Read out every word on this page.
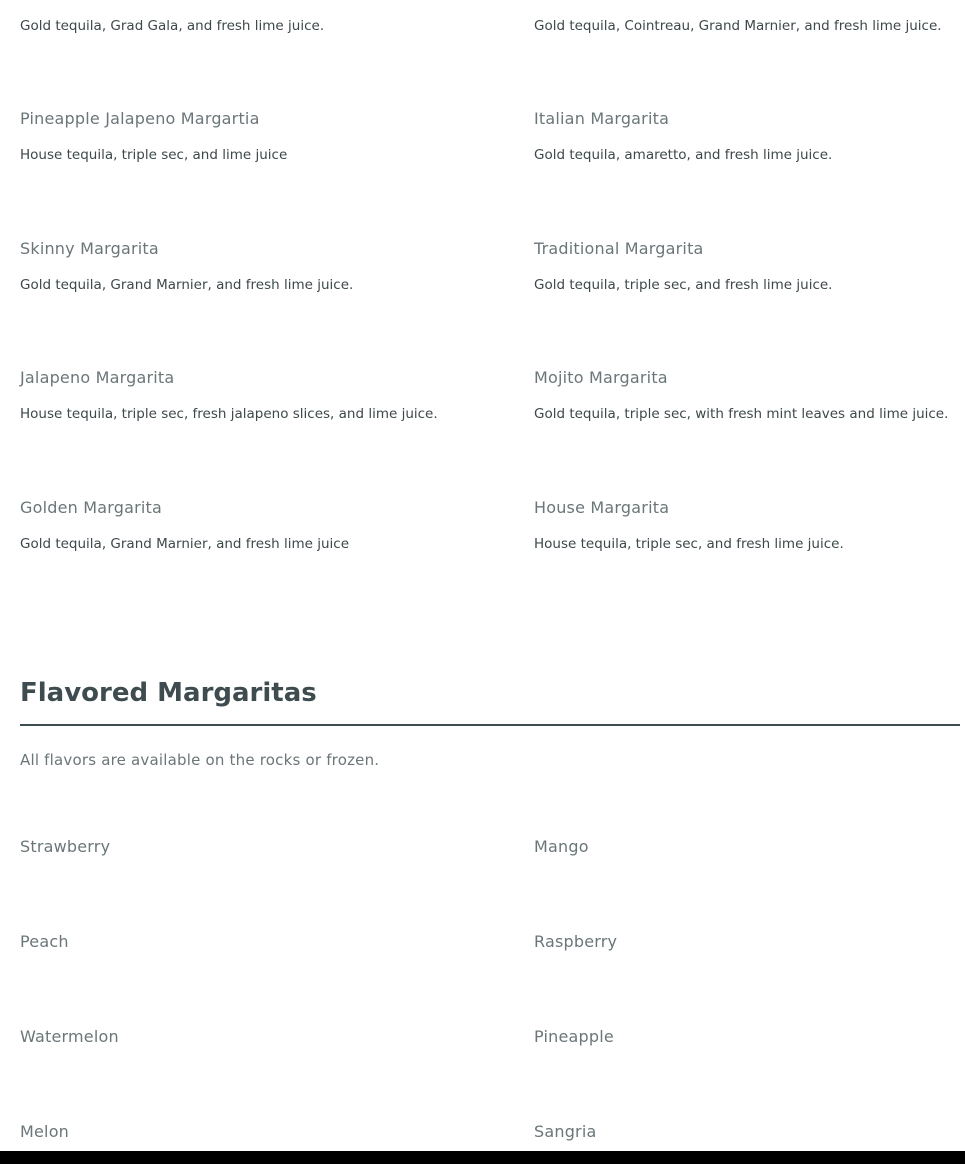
Gold tequila, Grad Gala, and fresh lime juice.	Gold tequila, Cointreau, Grand Marnier, and fresh lime juice.
Pineapple Jalapeno Margartia
House tequila, triple sec, and lime juice
Italian Margarita
Gold tequila, amaretto, and fresh lime juice.
Skinny Margarita
Gold tequila, Grand Marnier, and fresh lime juice.
Traditional Margarita
Gold tequila, triple sec, and fresh lime juice.
Jalapeno Margarita
House tequila, triple sec, fresh jalapeno slices, and lime juice.
Mojito Margarita
Gold tequila, triple sec, with fresh mint leaves and lime juice.
Golden Margarita
Gold tequila, Grand Marnier, and fresh lime juice
House Margarita
House tequila, triple sec, and fresh lime juice.
Flavored Margaritas
All flavors are available on the rocks or frozen.
Strawberry	Mango
Peach	Raspberry
Watermelon	Pineapple
Melon	Sangria
